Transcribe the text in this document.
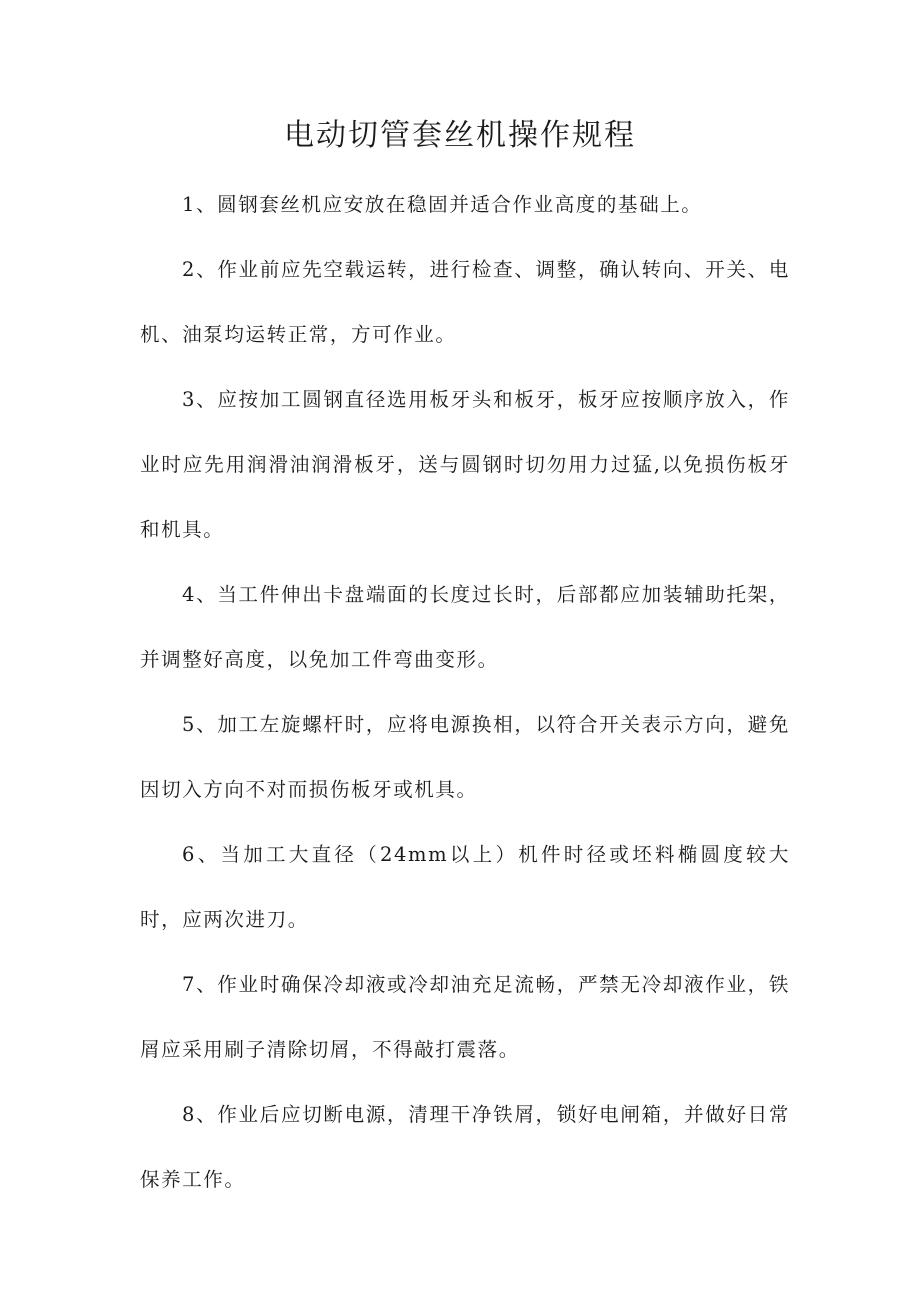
电动切管套丝机操作规程

1、圆钢套丝机应安放在稳固并适合作业高度的基础上。

2、作业前应先空载运转，进行检查、调整，确认转向、开关、电机、油泵均运转正常，方可作业。

3、应按加工圆钢直径选用板牙头和板牙，板牙应按顺序放入，作业时应先用润滑油润滑板牙，送与圆钢时切勿用力过猛,以免损伤板牙和机具。

4、当工件伸出卡盘端面的长度过长时，后部都应加装辅助托架，并调整好高度，以免加工件弯曲变形。

5、加工左旋螺杆时，应将电源换相，以符合开关表示方向，避免因切入方向不对而损伤板牙或机具。

6、当加工大直径（24mm以上）机件时径或坯料椭圆度较大时，应两次进刀。

7、作业时确保冷却液或冷却油充足流畅，严禁无冷却液作业，铁屑应采用刷子清除切屑，不得敲打震落。

8、作业后应切断电源，清理干净铁屑，锁好电闸箱，并做好日常保养工作。
